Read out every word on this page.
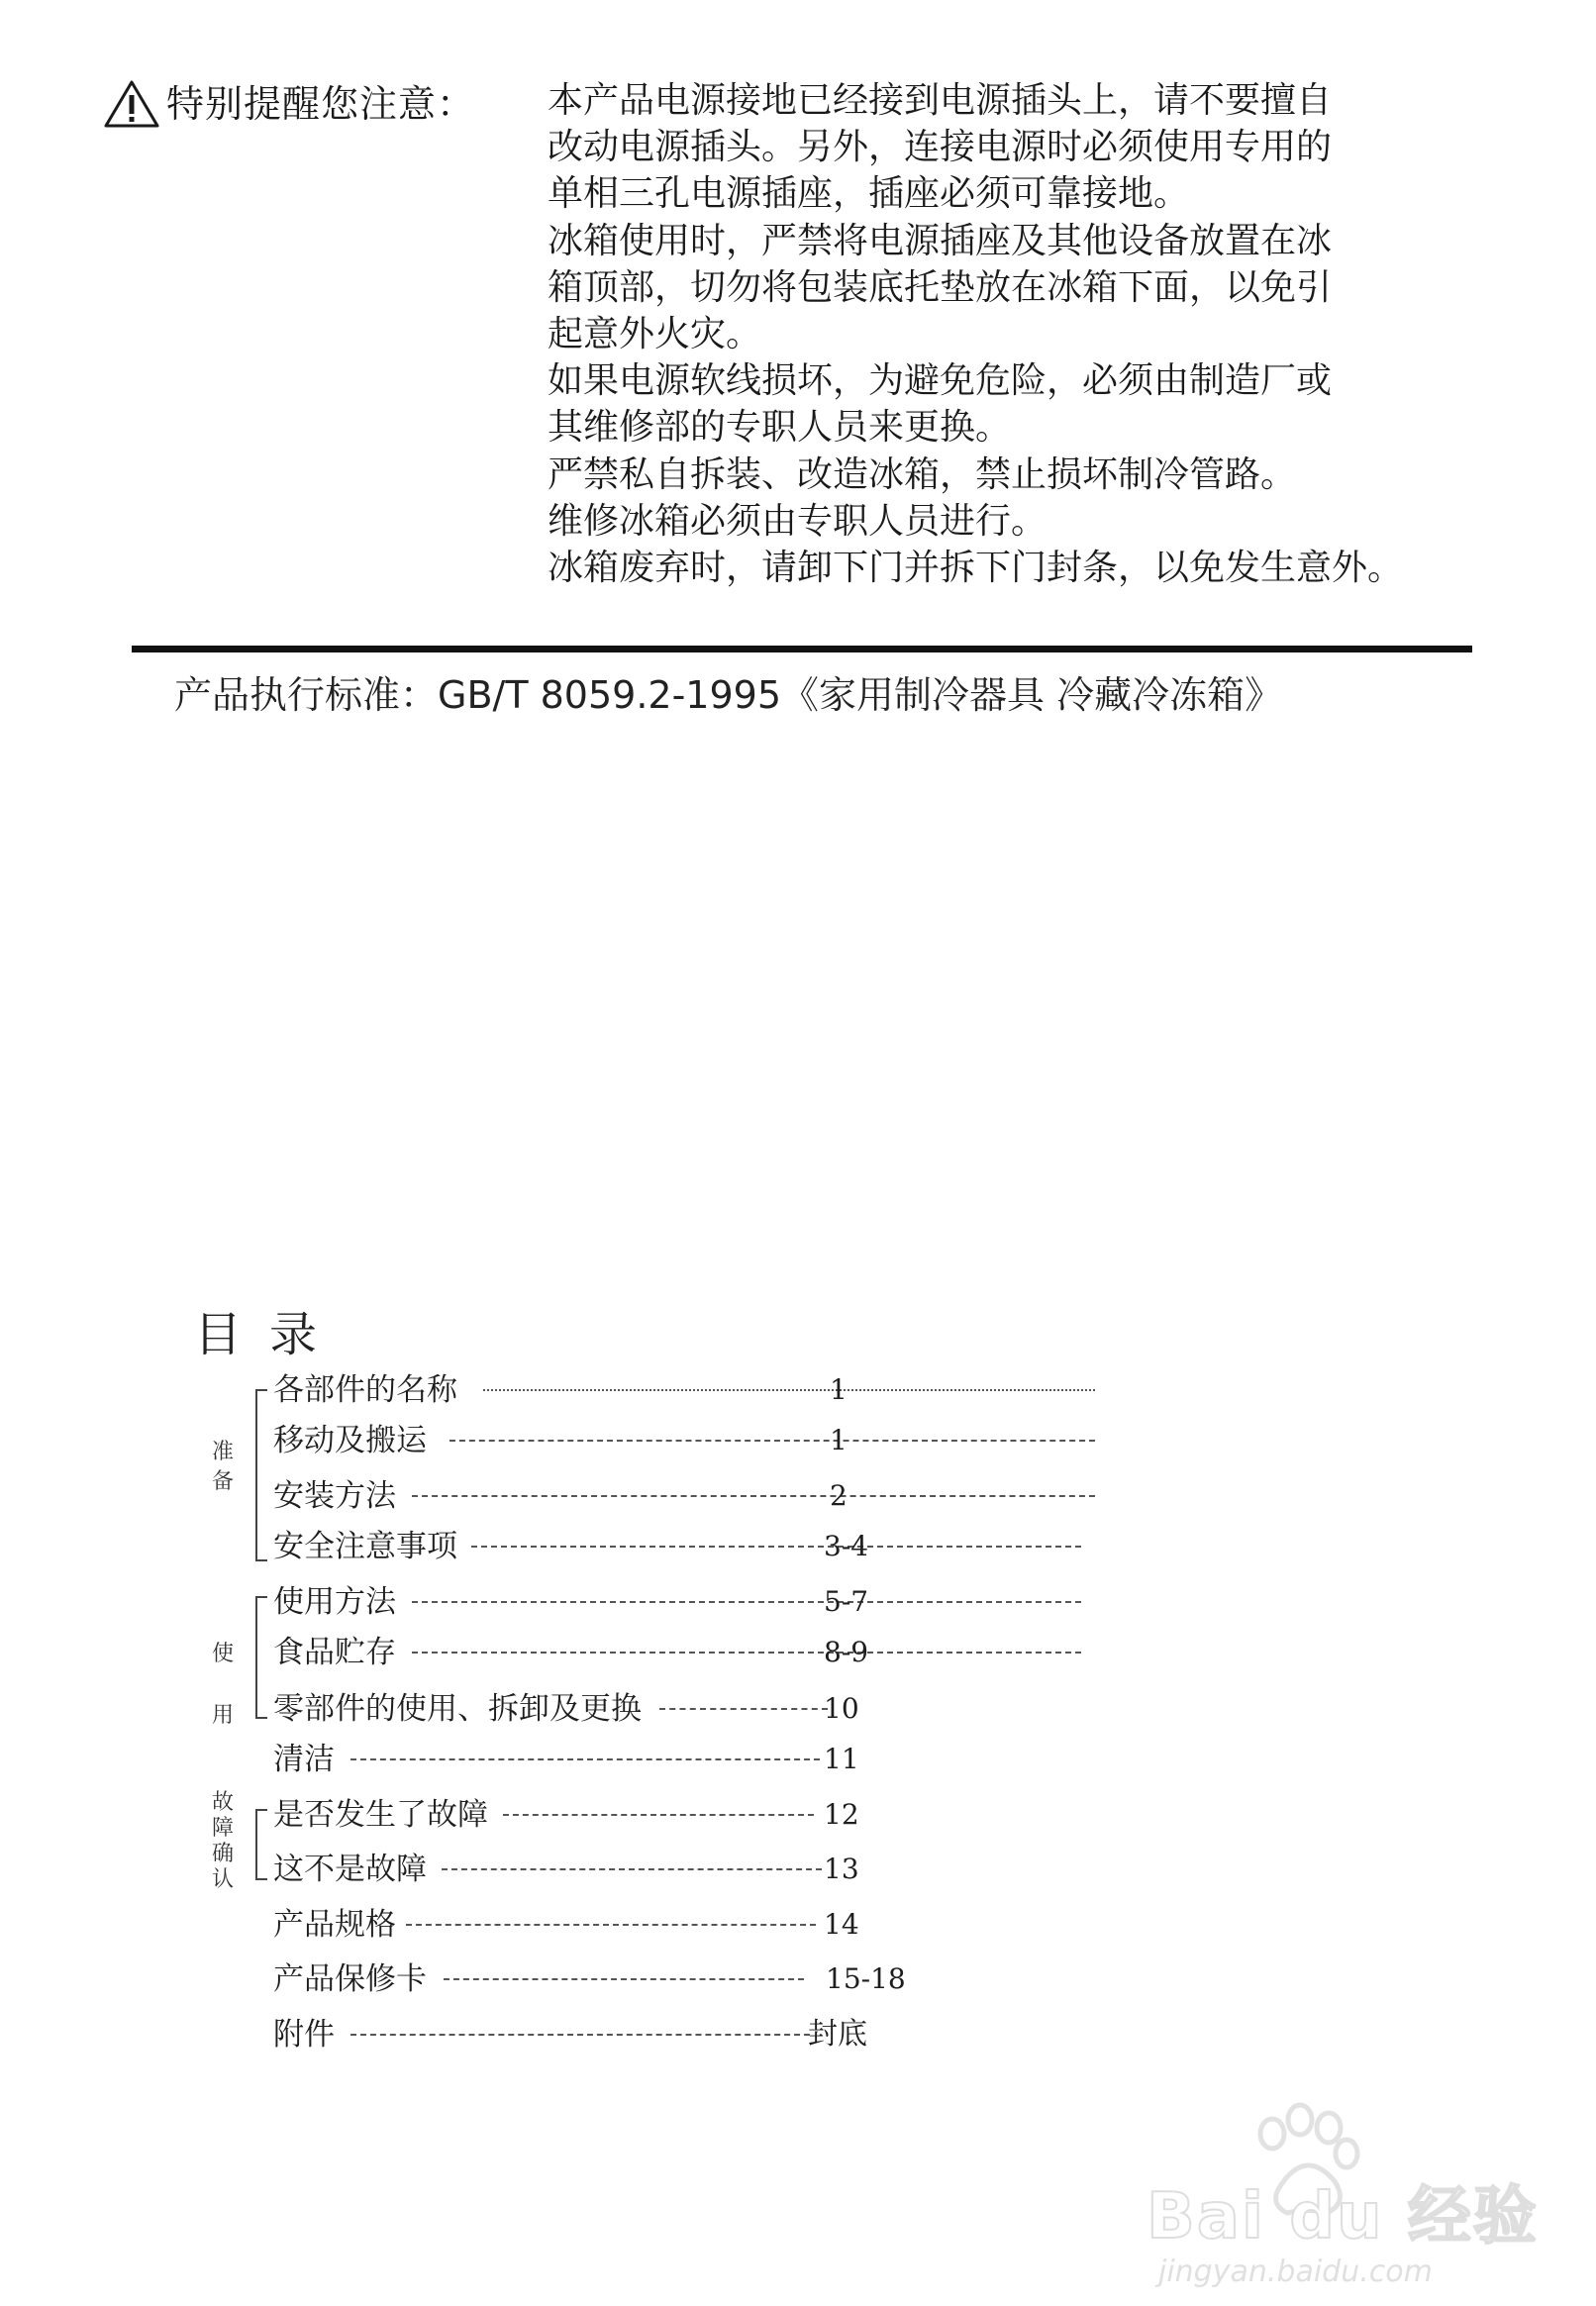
特别提醒您注意： 本产品电源接地已经接到电源插头上，请不要擅自
改动电源插头。另外，连接电源时必须使用专用的
单相三孔电源插座，插座必须可靠接地。
冰箱使用时，严禁将电源插座及其他设备放置在冰
箱顶部，切勿将包装底托垫放在冰箱下面，以免引
起意外火灾。
如果电源软线损坏，为避免危险，必须由制造厂或
其维修部的专职人员来更换。
严禁私自拆装、改造冰箱，禁止损坏制冷管路。
维修冰箱必须由专职人员进行。
冰箱废弃时，请卸下门并拆下门封条，以免发生意外。
产品执行标准：GB/T 8059.2-1995《家用制冷器具 冷藏冷冻箱》
目录
准备
使用
故障确认
各部件的名称	1
移动及搬运	1
安装方法	2
安全注意事项	3-4
使用方法	5-7
食品贮存	8-9
零部件的使用、拆卸及更换	10
清洁	11
是否发生了故障	12
这不是故障	13
产品规格	14
产品保修卡	15-18
附件	封底
Bai du 经验
jingyan.baidu.com
